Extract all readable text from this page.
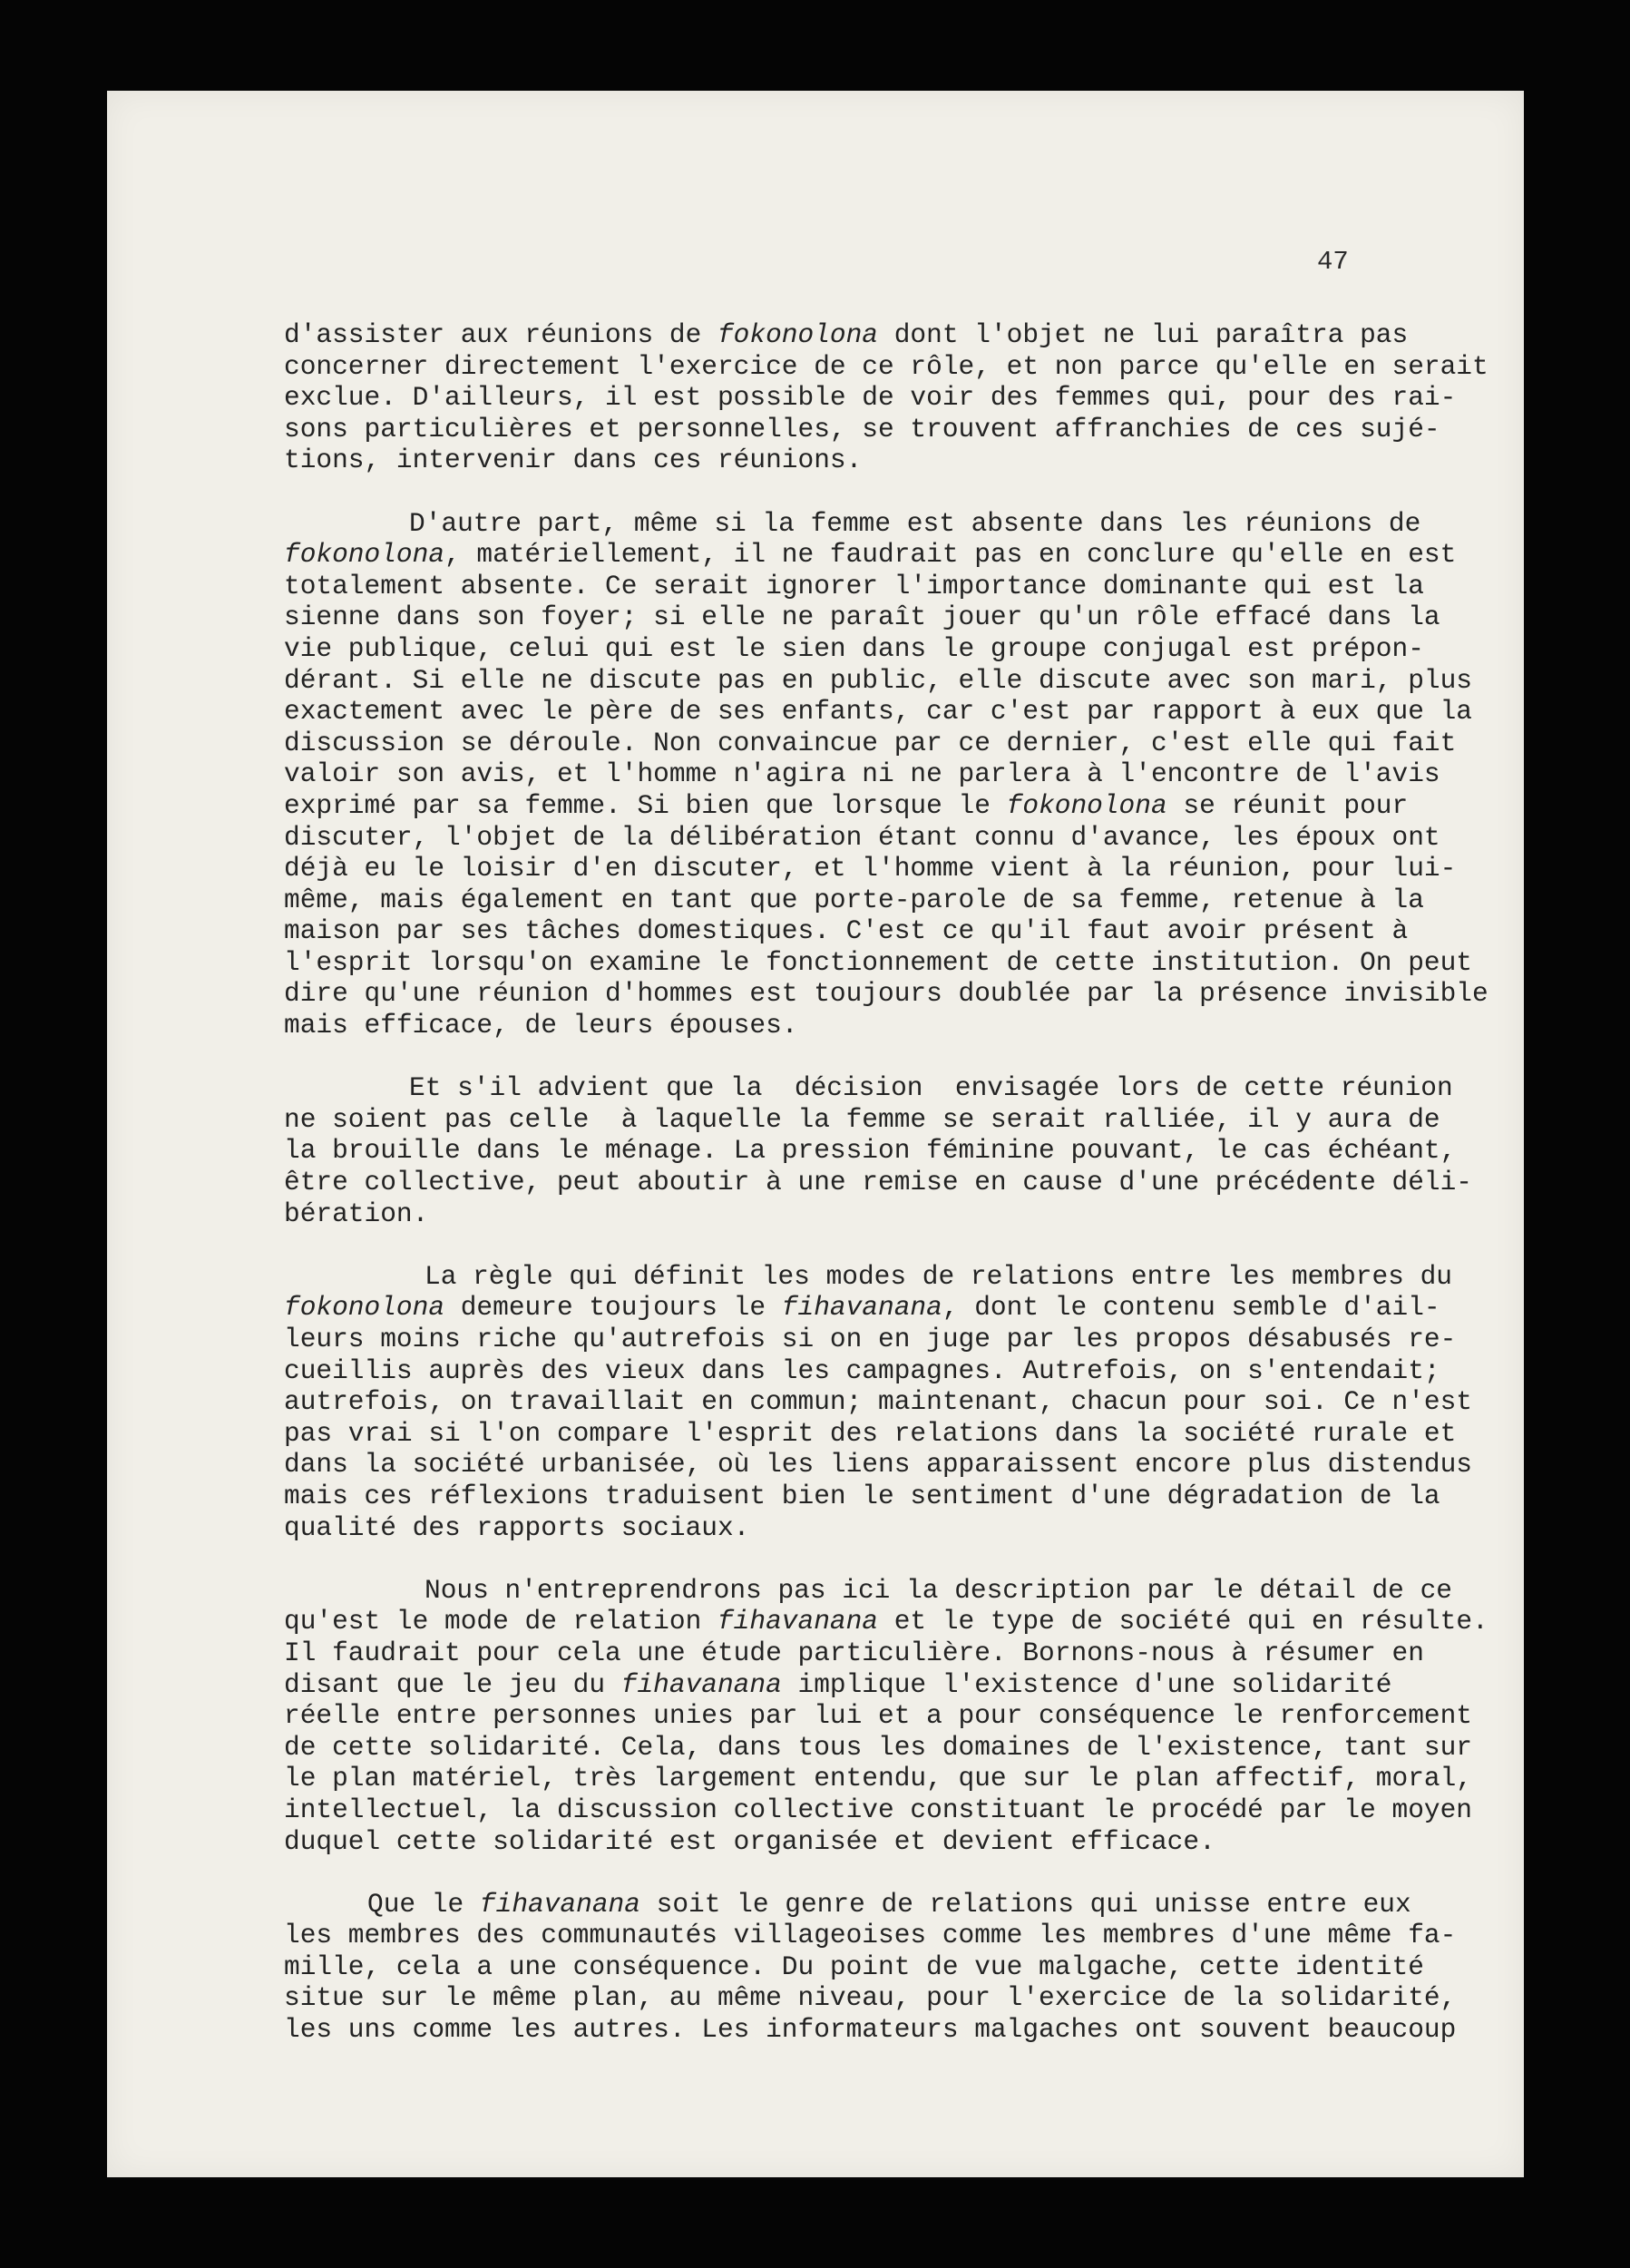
47
d'assister aux réunions de fokonolona dont l'objet ne lui paraîtra pas
concerner directement l'exercice de ce rôle, et non parce qu'elle en serait
exclue. D'ailleurs, il est possible de voir des femmes qui, pour des rai-
sons particulières et personnelles, se trouvent affranchies de ces sujé-
tions, intervenir dans ces réunions.
D'autre part, même si la femme est absente dans les réunions de
fokonolona, matériellement, il ne faudrait pas en conclure qu'elle en est
totalement absente. Ce serait ignorer l'importance dominante qui est la
sienne dans son foyer; si elle ne paraît jouer qu'un rôle effacé dans la
vie publique, celui qui est le sien dans le groupe conjugal est prépon-
dérant. Si elle ne discute pas en public, elle discute avec son mari, plus
exactement avec le père de ses enfants, car c'est par rapport à eux que la
discussion se déroule. Non convaincue par ce dernier, c'est elle qui fait
valoir son avis, et l'homme n'agira ni ne parlera à l'encontre de l'avis
exprimé par sa femme. Si bien que lorsque le fokonolona se réunit pour
discuter, l'objet de la délibération étant connu d'avance, les époux ont
déjà eu le loisir d'en discuter, et l'homme vient à la réunion, pour lui-
même, mais également en tant que porte-parole de sa femme, retenue à la
maison par ses tâches domestiques. C'est ce qu'il faut avoir présent à
l'esprit lorsqu'on examine le fonctionnement de cette institution. On peut
dire qu'une réunion d'hommes est toujours doublée par la présence invisible
mais efficace, de leurs épouses.
Et s'il advient que la  décision  envisagée lors de cette réunion
ne soient pas celle  à laquelle la femme se serait ralliée, il y aura de
la brouille dans le ménage. La pression féminine pouvant, le cas échéant,
être collective, peut aboutir à une remise en cause d'une précédente déli-
bération.
La règle qui définit les modes de relations entre les membres du
fokonolona demeure toujours le fihavanana, dont le contenu semble d'ail-
leurs moins riche qu'autrefois si on en juge par les propos désabusés re-
cueillis auprès des vieux dans les campagnes. Autrefois, on s'entendait;
autrefois, on travaillait en commun; maintenant, chacun pour soi. Ce n'est
pas vrai si l'on compare l'esprit des relations dans la société rurale et
dans la société urbanisée, où les liens apparaissent encore plus distendus
mais ces réflexions traduisent bien le sentiment d'une dégradation de la
qualité des rapports sociaux.
Nous n'entreprendrons pas ici la description par le détail de ce
qu'est le mode de relation fihavanana et le type de société qui en résulte.
Il faudrait pour cela une étude particulière. Bornons-nous à résumer en
disant que le jeu du fihavanana implique l'existence d'une solidarité
réelle entre personnes unies par lui et a pour conséquence le renforcement
de cette solidarité. Cela, dans tous les domaines de l'existence, tant sur
le plan matériel, très largement entendu, que sur le plan affectif, moral,
intellectuel, la discussion collective constituant le procédé par le moyen
duquel cette solidarité est organisée et devient efficace.
Que le fihavanana soit le genre de relations qui unisse entre eux
les membres des communautés villageoises comme les membres d'une même fa-
mille, cela a une conséquence. Du point de vue malgache, cette identité
situe sur le même plan, au même niveau, pour l'exercice de la solidarité,
les uns comme les autres. Les informateurs malgaches ont souvent beaucoup
